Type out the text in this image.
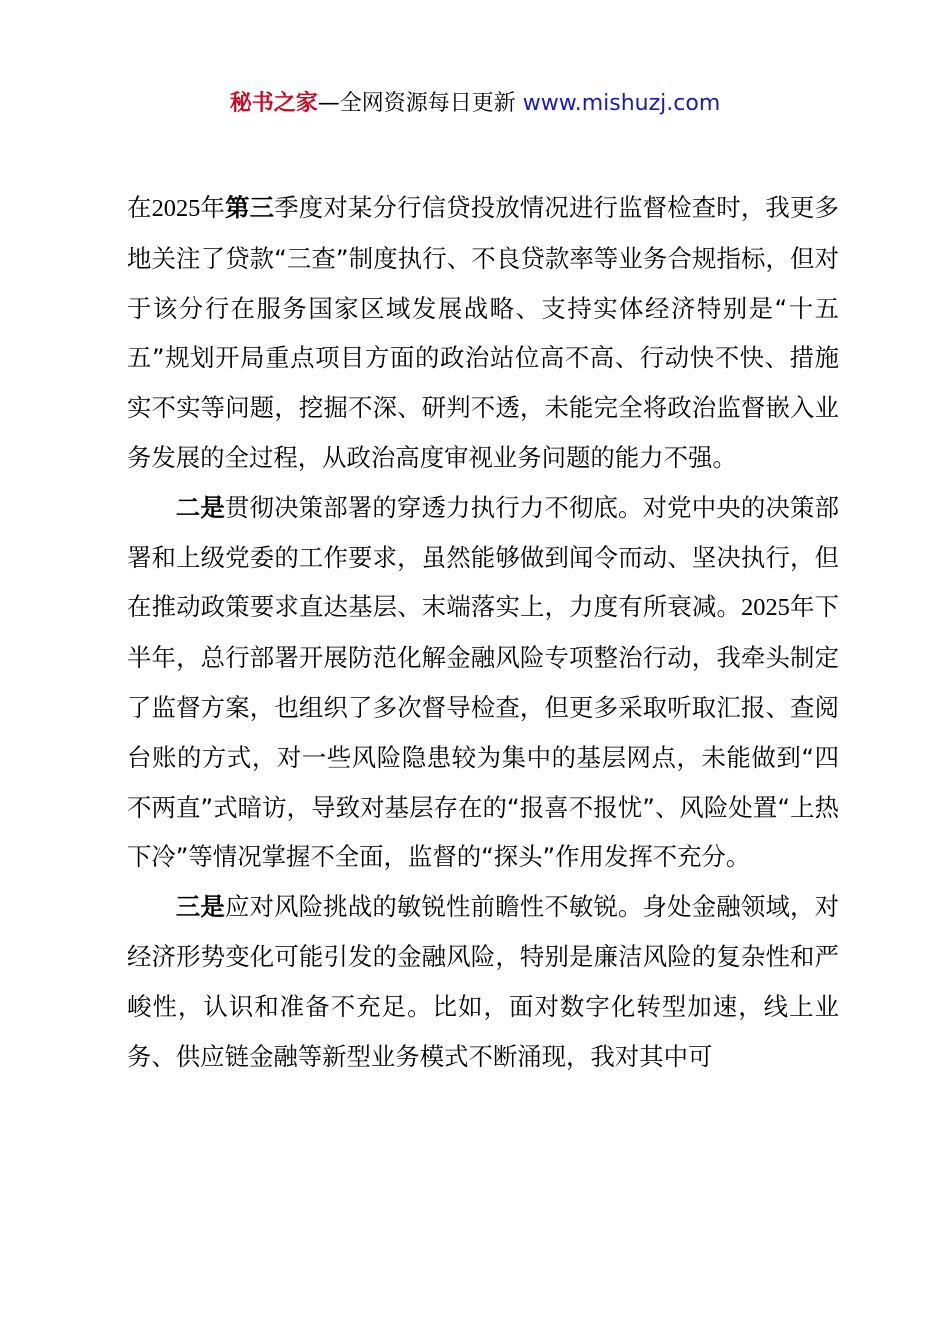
秘书之家—全网资源每日更新 www.mishuzj.com

在2025年第三季度对某分行信贷投放情况进行监督检查时，我更多地关注了贷款“三查”制度执行、不良贷款率等业务合规指标，但对于该分行在服务国家区域发展战略、支持实体经济特别是“十五五”规划开局重点项目方面的政治站位高不高、行动快不快、措施实不实等问题，挖掘不深、研判不透，未能完全将政治监督嵌入业务发展的全过程，从政治高度审视业务问题的能力不强。

二是贯彻决策部署的穿透力执行力不彻底。对党中央的决策部署和上级党委的工作要求，虽然能够做到闻令而动、坚决执行，但在推动政策要求直达基层、末端落实上，力度有所衰减。2025年下半年，总行部署开展防范化解金融风险专项整治行动，我牵头制定了监督方案，也组织了多次督导检查，但更多采取听取汇报、查阅台账的方式，对一些风险隐患较为集中的基层网点，未能做到“四不两直”式暗访，导致对基层存在的“报喜不报忧”、风险处置“上热下冷”等情况掌握不全面，监督的“探头”作用发挥不充分。

三是应对风险挑战的敏锐性前瞻性不敏锐。身处金融领域，对经济形势变化可能引发的金融风险，特别是廉洁风险的复杂性和严峻性，认识和准备不充足。比如，面对数字化转型加速，线上业务、供应链金融等新型业务模式不断涌现，我对其中可
